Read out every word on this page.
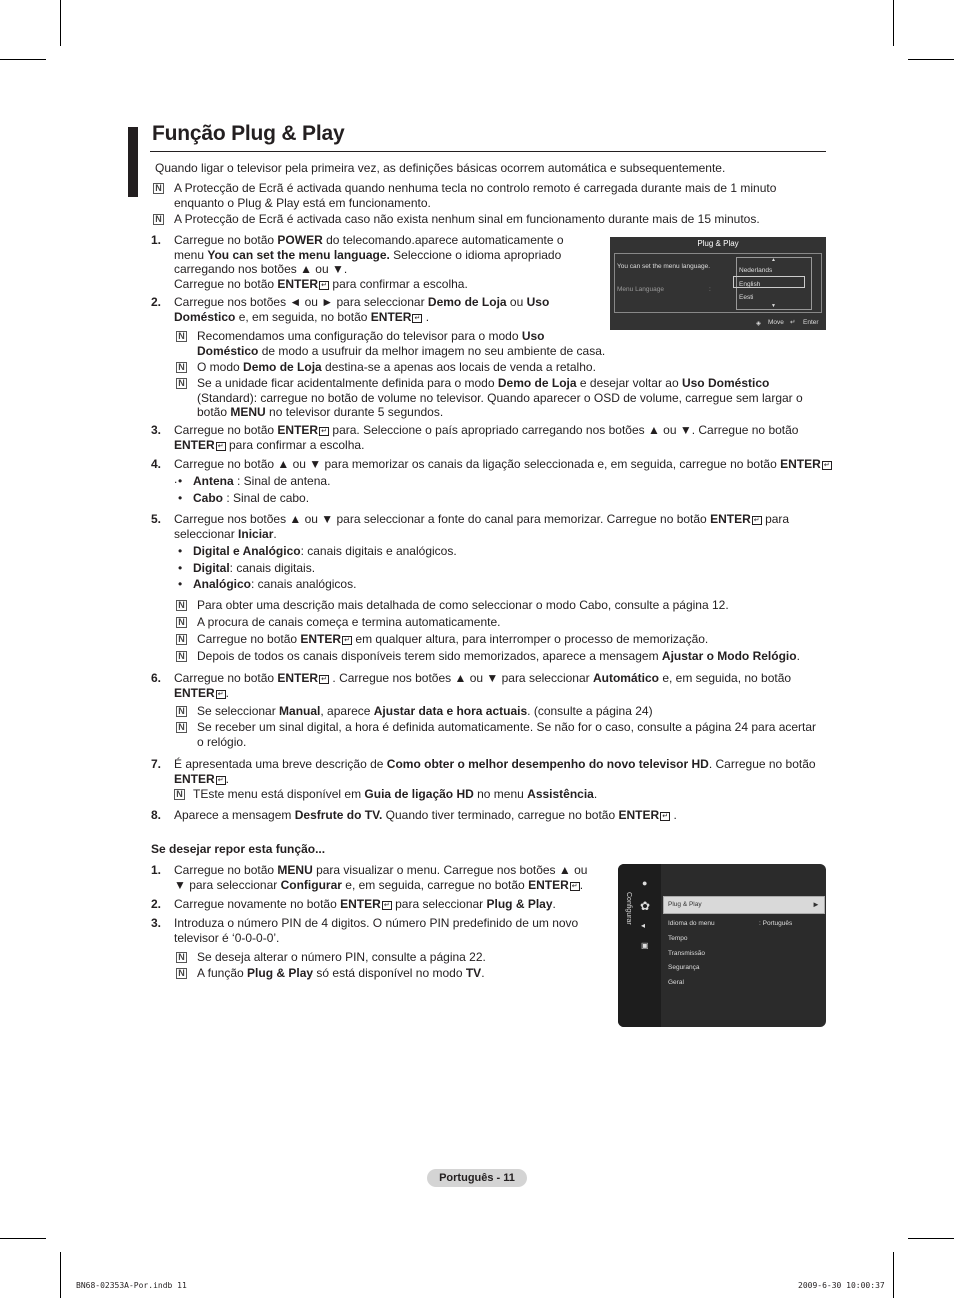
Função Plug & Play
Quando ligar o televisor pela primeira vez, as definições básicas ocorrem automática e subsequentemente.
N A Protecção de Ecrã é activada quando nenhuma tecla no controlo remoto é carregada durante mais de 1 minuto enquanto o Plug & Play está em funcionamento.
N A Protecção de Ecrã é activada caso não exista nenhum sinal em funcionamento durante mais de 15 minutos.
1. Carregue no botão POWER do telecomando.aparece automaticamente o menu You can set the menu language. Seleccione o idioma apropriado carregando nos botões ▲ ou ▼.
Carregue no botão ENTER ↵ para confirmar a escolha.
Plug & Play
You can set the menu language.
Menu Language	:
▲
Nederlands
English
Eesti
▼
◈ Move ↵ Enter
2. Carregue nos botões ◄ ou ► para seleccionar Demo de Loja ou Uso Doméstico e, em seguida, no botão ENTER ↵ .
N Recomendamos uma configuração do televisor para o modo Uso Doméstico de modo a usufruir da melhor imagem no seu ambiente de casa.
N O modo Demo de Loja destina-se a apenas aos locais de venda a retalho.
N Se a unidade ficar acidentalmente definida para o modo Demo de Loja e desejar voltar ao Uso Doméstico (Standard): carregue no botão de volume no televisor. Quando aparecer o OSD de volume, carregue sem largar o botão MENU no televisor durante 5 segundos.
3. Carregue no botão ENTER ↵ para. Seleccione o país apropriado carregando nos botões ▲ ou ▼. Carregue no botão ENTER ↵ para confirmar a escolha.
4. Carregue no botão ▲ ou ▼ para memorizar os canais da ligação seleccionada e, em seguida, carregue no botão ENTER ↵. • Antena : Sinal de antena.
• Cabo : Sinal de cabo.
5. Carregue nos botões ▲ ou ▼ para seleccionar a fonte do canal para memorizar. Carregue no botão ENTER ↵ para seleccionar Iniciar.
• Digital e Analógico: canais digitais e analógicos.
• Digital: canais digitais.
• Analógico: canais analógicos.
N Para obter uma descrição mais detalhada de como seleccionar o modo Cabo, consulte a página 12.
N A procura de canais começa e termina automaticamente.
N Carregue no botão ENTER ↵ em qualquer altura, para interromper o processo de memorização.
N Depois de todos os canais disponíveis terem sido memorizados, aparece a mensagem Ajustar o Modo Relógio.
6. Carregue no botão ENTER ↵ . Carregue nos botões ▲ ou ▼ para seleccionar Automático e, em seguida, no botão ENTER ↵ .
N Se seleccionar Manual, aparece Ajustar data e hora actuais. (consulte a página 24)
N Se receber um sinal digital, a hora é definida automaticamente. Se não for o caso, consulte a página 24 para acertar o relógio.
7. É apresentada uma breve descrição de Como obter o melhor desempenho do novo televisor HD. Carregue no botão ENTER ↵ .
N TEste menu está disponível em Guia de ligação HD no menu Assistência.
8. Aparece a mensagem Desfrute do TV. Quando tiver terminado, carregue no botão ENTER ↵ .
Se desejar repor esta função...
1. Carregue no botão MENU para visualizar o menu. Carregue nos botões ▲ ou ▼ para seleccionar Configurar e, em seguida, carregue no botão ENTER ↵ .
2. Carregue novamente no botão ENTER ↵ para seleccionar Plug & Play.
3. Introduza o número PIN de 4 digitos. O número PIN predefinido de um novo televisor é ‘0-0-0-0’.
N Se deseja alterar o número PIN, consulte a página 22.
N A função Plug & Play só está disponível no modo TV.
Configurar
●
✿
◂
▣
Plug & Play	►
Idioma do menu	: Português
Tempo
Transmissão
Segurança
Geral
Português - 11
BN68-02353A-Por.indb 11	2009-6-30 10:00:37
